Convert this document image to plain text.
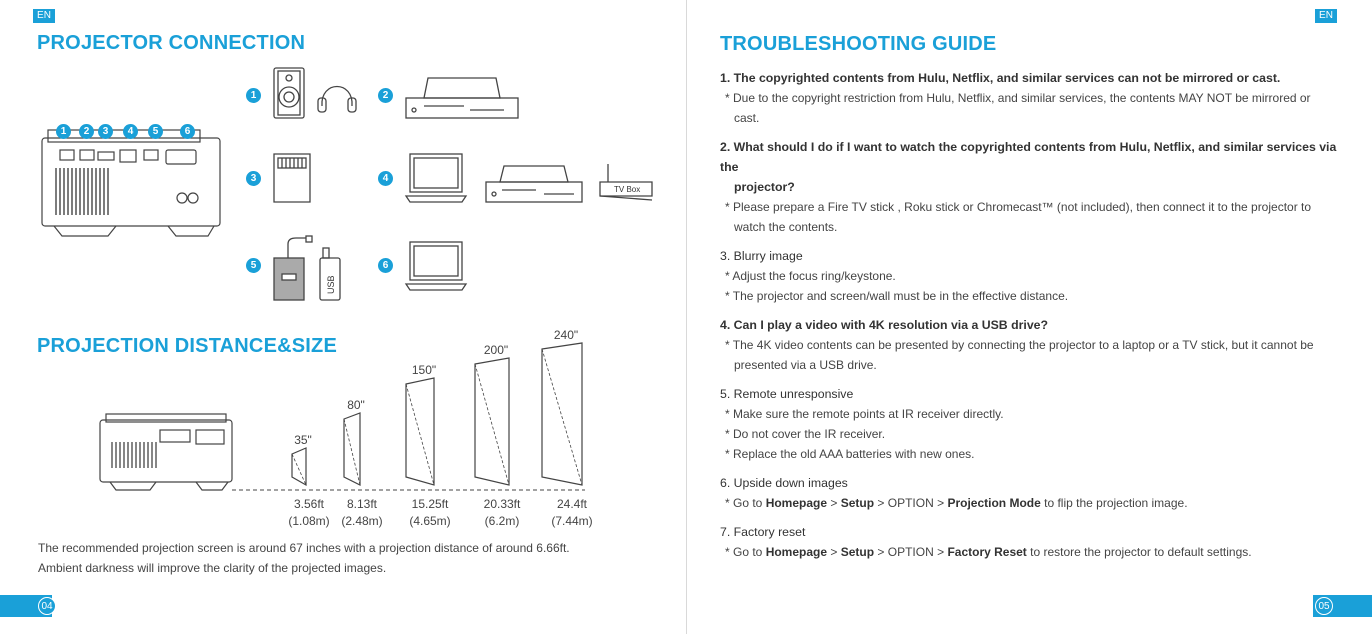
EN
PROJECTOR CONNECTION
1	2	3	4	5	6
1	2
3	4
TV Box
5
USB
6
PROJECTION DISTANCE&SIZE
35"
3.56ft
(1.08m)
80"
8.13ft
(2.48m)
150"
15.25ft
(4.65m)
200"
20.33ft
(6.2m)
240"
24.4ft
(7.44m)

The recommended projection screen is around 67 inches with a projection distance of around 6.66ft.
Ambient darkness will improve the clarity of the projected images.

04
EN
TROUBLESHOOTING GUIDE
1. The copyrighted contents from Hulu, Netflix, and similar services can not be mirrored or cast.
* Due to the copyright restriction from Hulu, Netflix, and similar services, the contents MAY NOT be mirrored or
cast.
2. What should I do if I want to watch the copyrighted contents from Hulu, Netflix, and similar services via the
projector?
* Please prepare a Fire TV stick , Roku stick or Chromecast™ (not included), then connect it to the projector to
watch the contents.
3. Blurry image
* Adjust the focus ring/keystone.
* The projector and screen/wall must be in the effective distance.
4. Can I play a video with 4K resolution via a USB drive?
* The 4K video contents can be presented by connecting the projector to a laptop or a TV stick, but it cannot be
presented via a USB drive.
5. Remote unresponsive
* Make sure the remote points at IR receiver directly.
* Do not cover the IR receiver.
* Replace the old AAA batteries with new ones.
6. Upside down images
* Go to Homepage > Setup > OPTION > Projection Mode to flip the projection image.
7. Factory reset
* Go to Homepage > Setup > OPTION > Factory Reset to restore the projector to default settings.
05
